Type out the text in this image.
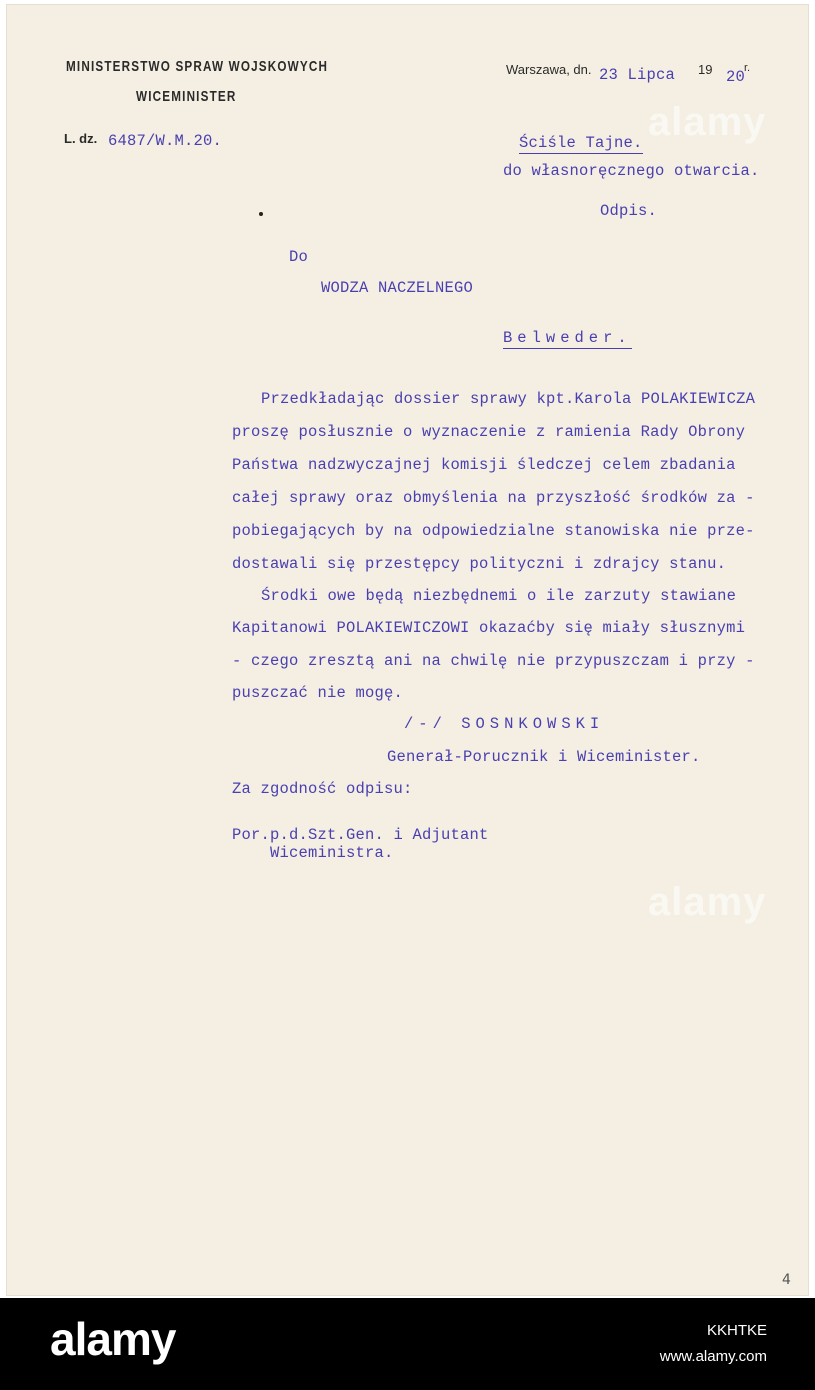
MINISTERSTWO SPRAW WOJSKOWYCH
WICEMINISTER
L. dz. 6487/W.M.20.
Warszawa, dn. 23 Lipca 19 20
r.
Ściśle Tajne.
do własnoręcznego otwarcia.
Odpis.
Do
WODZA NACZELNEGO
Belweder.
Przedkładając dossier sprawy kpt.Karola POLAKIEWICZA
proszę posłusznie o wyznaczenie z ramienia Rady Obrony
Państwa nadzwyczajnej komisji śledczej celem zbadania
całej sprawy oraz obmyślenia na przyszłość środków za -
pobiegających by na odpowiedzialne stanowiska nie prze-
dostawali się przestępcy polityczni i zdrajcy stanu.
Środki owe będą niezbędnemi o ile zarzuty stawiane
Kapitanowi POLAKIEWICZOWI okazaćby się miały słusznymi
- czego zresztą ani na chwilę nie przypuszczam i przy -
puszczać nie mogę.
/-/ SOSNKOWSKI
Generał-Porucznik i Wiceminister.
Za zgodność odpisu:
Por.p.d.Szt.Gen. i Adjutant
Wiceministra.
alamy
alamy
4
alamy	KKHTKE
www.alamy.com
